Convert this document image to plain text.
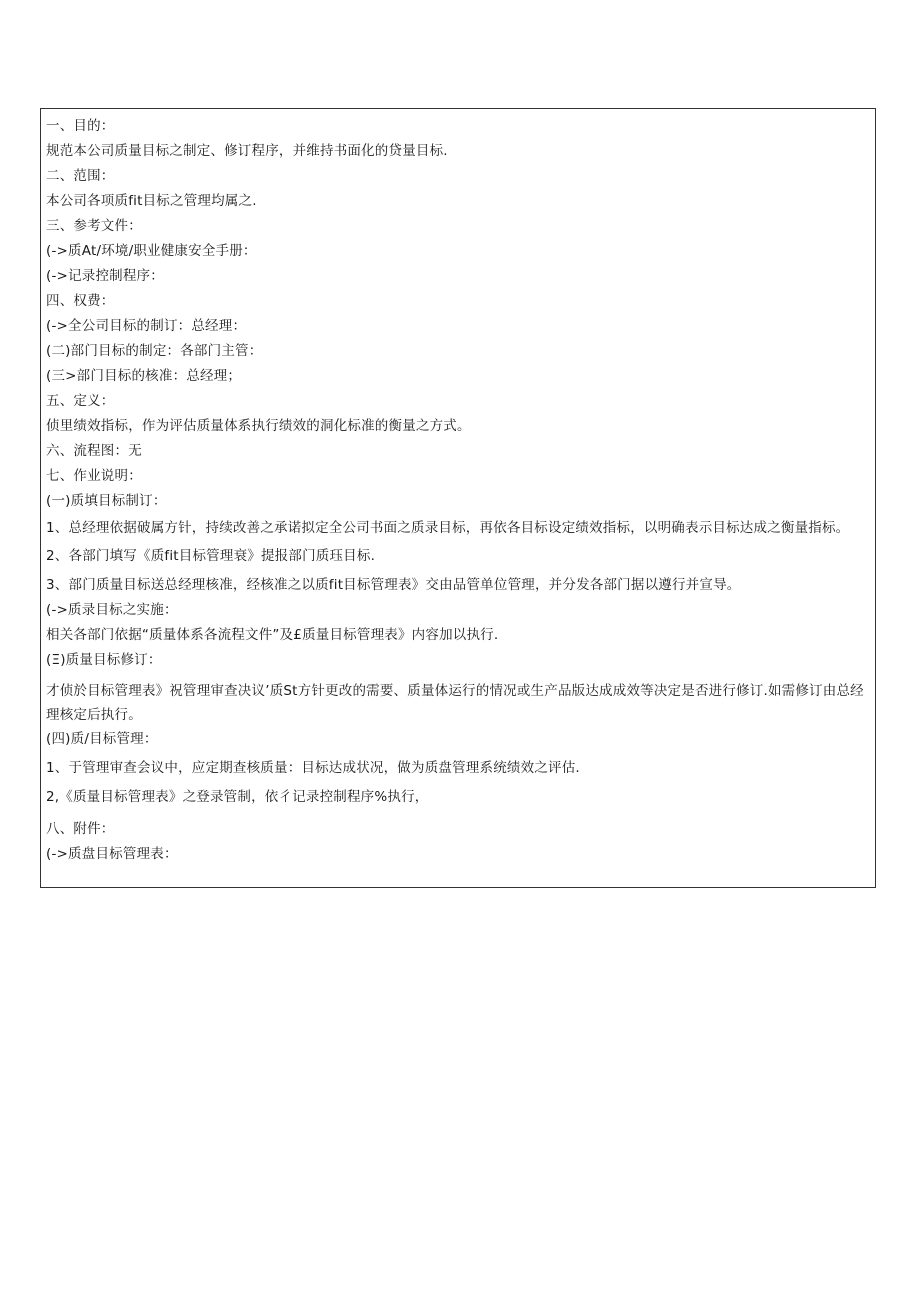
一、目的：
规范本公司质量目标之制定、修订程序，并维持书面化的贷量目标.
二、范围：
本公司各项质fit目标之管理均属之.
三、参考文件：
(->质At/环境/职业健康安全手册：
(->记录控制程序：
四、权费：
(->全公司目标的制订：总经理：
(二)部门目标的制定：各部门主管：
(三>部门目标的核准：总经理；
五、定义：
侦里绩效指标，作为评估质量体系执行绩效的洞化标准的衡量之方式。
六、流程图：无
七、作业说明：
(一)质填目标制订：
1、总经理依据破属方针，持续改善之承诺拟定全公司书面之质录目标，再依各目标设定绩效指标，以明确表示目标达成之衡量指标。
2、各部门填写《质fit目标管理衰》提报部门质珏目标.
3、部门质量目标送总经理核准，经核准之以质fit目标管理表》交由品管单位管理，并分发各部门据以遵行并宣导。
(->质录目标之实施：
相关各部门依据“质量体系各流程文件”及£质量目标管理表》内容加以执行.
(Ξ)质量目标修订：
才侦於目标管理表》祝管理审查决议’质St方针更改的需要、质量体运行的情况或生产品版达成成效等决定是否进行修订.如需修订由总经理核定后执行。
(四)质/目标管理：
1、于管理审查会议中，应定期查核质量：目标达成状况，做为质盘管理系统绩效之评估.
2,《质量目标管理表》之登录管制，依彳记录控制程序%执行，
八、附件：
(->质盘目标管理表：
